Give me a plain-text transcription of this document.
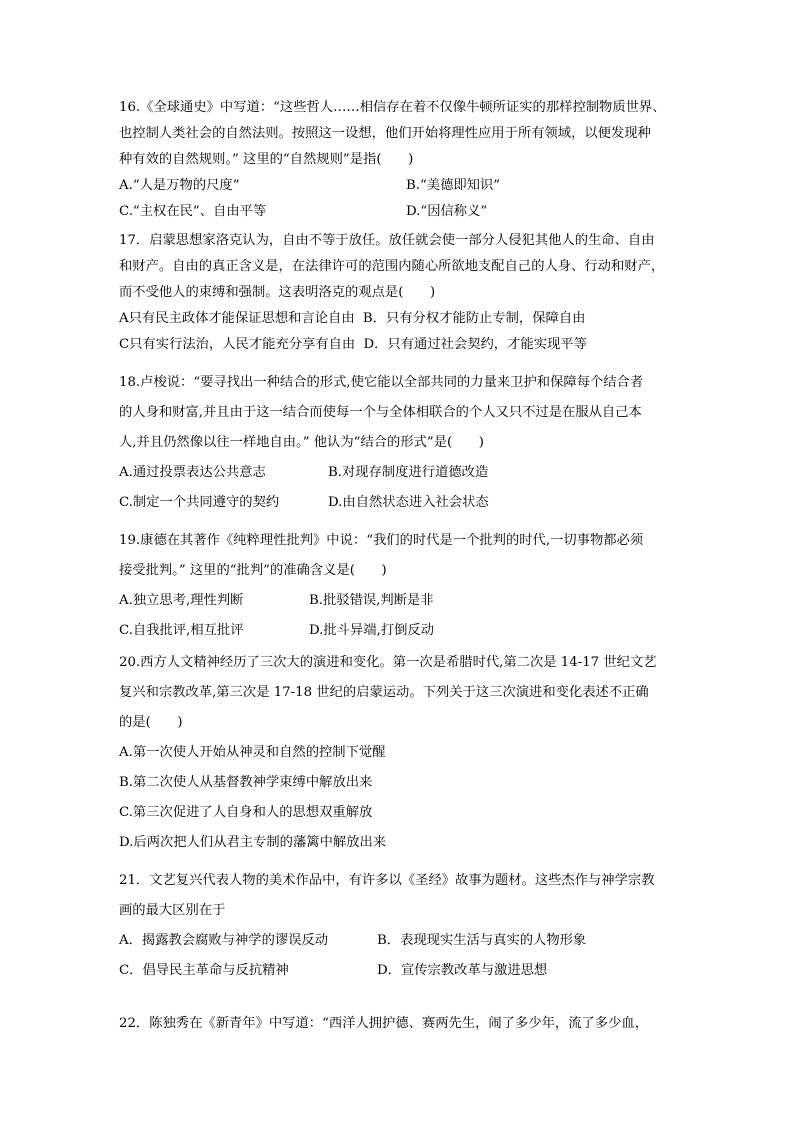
16.《全球通史》中写道：“这些哲人……相信存在着不仅像牛顿所证实的那样控制物质世界、
也控制人类社会的自然法则。按照这一设想，他们开始将理性应用于所有领域，以便发现种
种有效的自然规则。” 这里的“自然规则”是指(　　)
A.“人是万物的尺度”	B.“美德即知识”
C.“主权在民”、自由平等	D.“因信称义”
17．启蒙思想家洛克认为，自由不等于放任。放任就会使一部分人侵犯其他人的生命、自由
和财产。自由的真正含义是，在法律许可的范围内随心所欲地支配自己的人身、行动和财产，
而不受他人的束缚和强制。这表明洛克的观点是(　　)
A只有民主政体才能保证思想和言论自由 B．只有分权才能防止专制，保障自由
C只有实行法治，人民才能充分享有自由 D．只有通过社会契约，才能实现平等
18.卢梭说：“要寻找出一种结合的形式,使它能以全部共同的力量来卫护和保障每个结合者
的人身和财富,并且由于这一结合而使每一个与全体相联合的个人又只不过是在服从自己本
人,并且仍然像以往一样地自由。” 他认为“结合的形式”是(　　)
A.通过投票表达公共意志	B.对现存制度进行道德改造
C.制定一个共同遵守的契约	D.由自然状态进入社会状态
19.康德在其著作《纯粹理性批判》中说：“我们的时代是一个批判的时代,一切事物都必须
接受批判。” 这里的“批判”的准确含义是(　　)
A.独立思考,理性判断	B.批驳错误,判断是非
C.自我批评,相互批评	D.批斗异端,打倒反动
20.西方人文精神经历了三次大的演进和变化。第一次是希腊时代,第二次是 14-17 世纪文艺
复兴和宗教改革,第三次是 17-18 世纪的启蒙运动。下列关于这三次演进和变化表述不正确
的是(　　)
A.第一次使人开始从神灵和自然的控制下觉醒
B.第二次使人从基督教神学束缚中解放出来
C.第三次促进了人自身和人的思想双重解放
D.后两次把人们从君主专制的藩篱中解放出来
21．文艺复兴代表人物的美术作品中，有许多以《圣经》故事为题材。这些杰作与神学宗教
画的最大区别在于
A．揭露教会腐败与神学的谬误反动	B．表现现实生活与真实的人物形象
C．倡导民主革命与反抗精神	D．宣传宗教改革与激进思想
22．陈独秀在《新青年》中写道：“西洋人拥护德、赛两先生，闹了多少年，流了多少血，
